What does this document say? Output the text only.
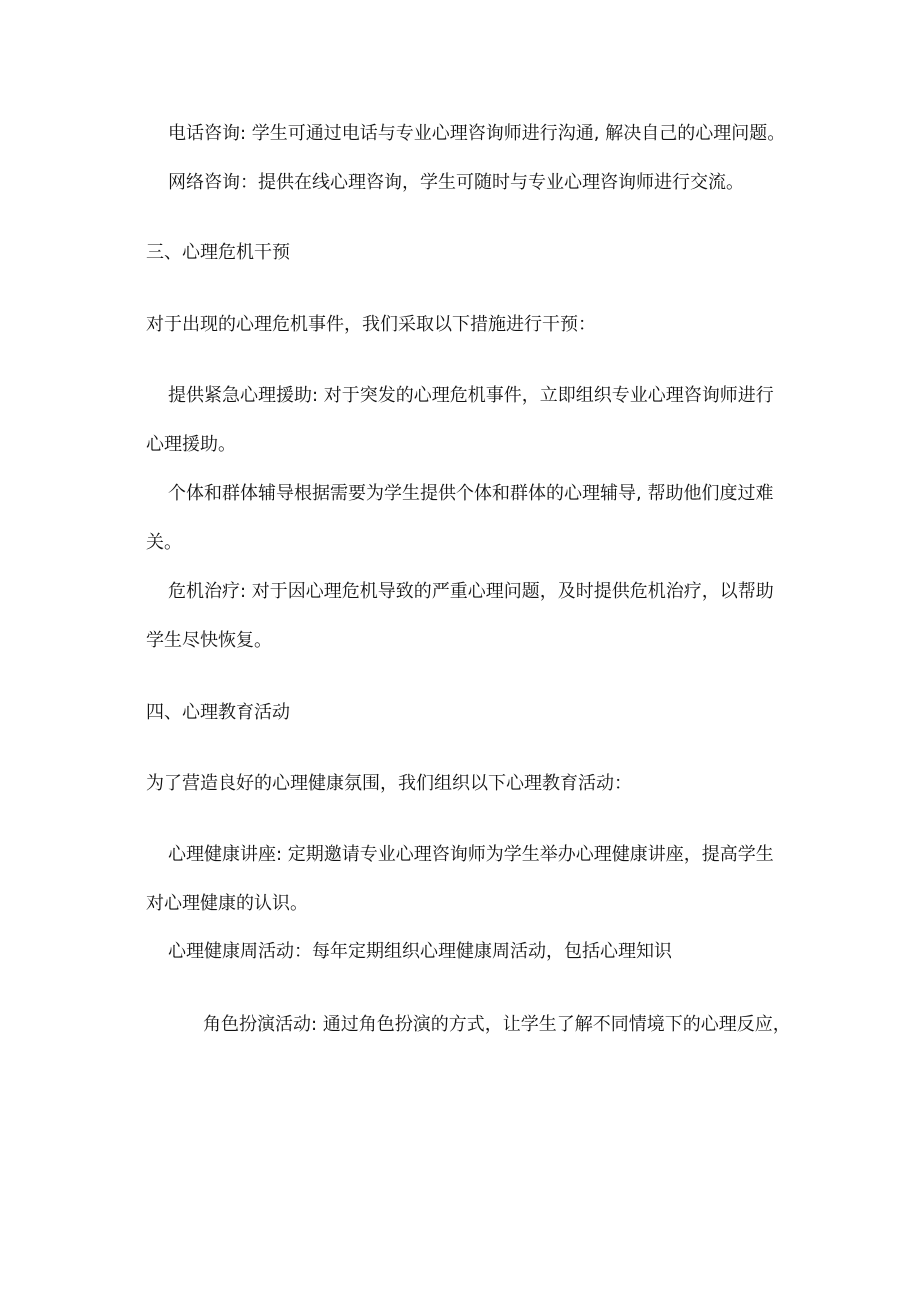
电话咨询: 学生可通过电话与专业心理咨询师进行沟通, 解决自己的心理问题。

网络咨询：提供在线心理咨询，学生可随时与专业心理咨询师进行交流。

三、心理危机干预

对于出现的心理危机事件，我们采取以下措施进行干预：

提供紧急心理援助: 对于突发的心理危机事件，立即组织专业心理咨询师进行

心理援助。

个体和群体辅导根据需要为学生提供个体和群体的心理辅导, 帮助他们度过难

关。

危机治疗: 对于因心理危机导致的严重心理问题，及时提供危机治疗，以帮助

学生尽快恢复。

四、心理教育活动

为了营造良好的心理健康氛围，我们组织以下心理教育活动：

心理健康讲座: 定期邀请专业心理咨询师为学生举办心理健康讲座，提高学生

对心理健康的认识。

心理健康周活动：每年定期组织心理健康周活动，包括心理知识

角色扮演活动: 通过角色扮演的方式，让学生了解不同情境下的心理反应，
